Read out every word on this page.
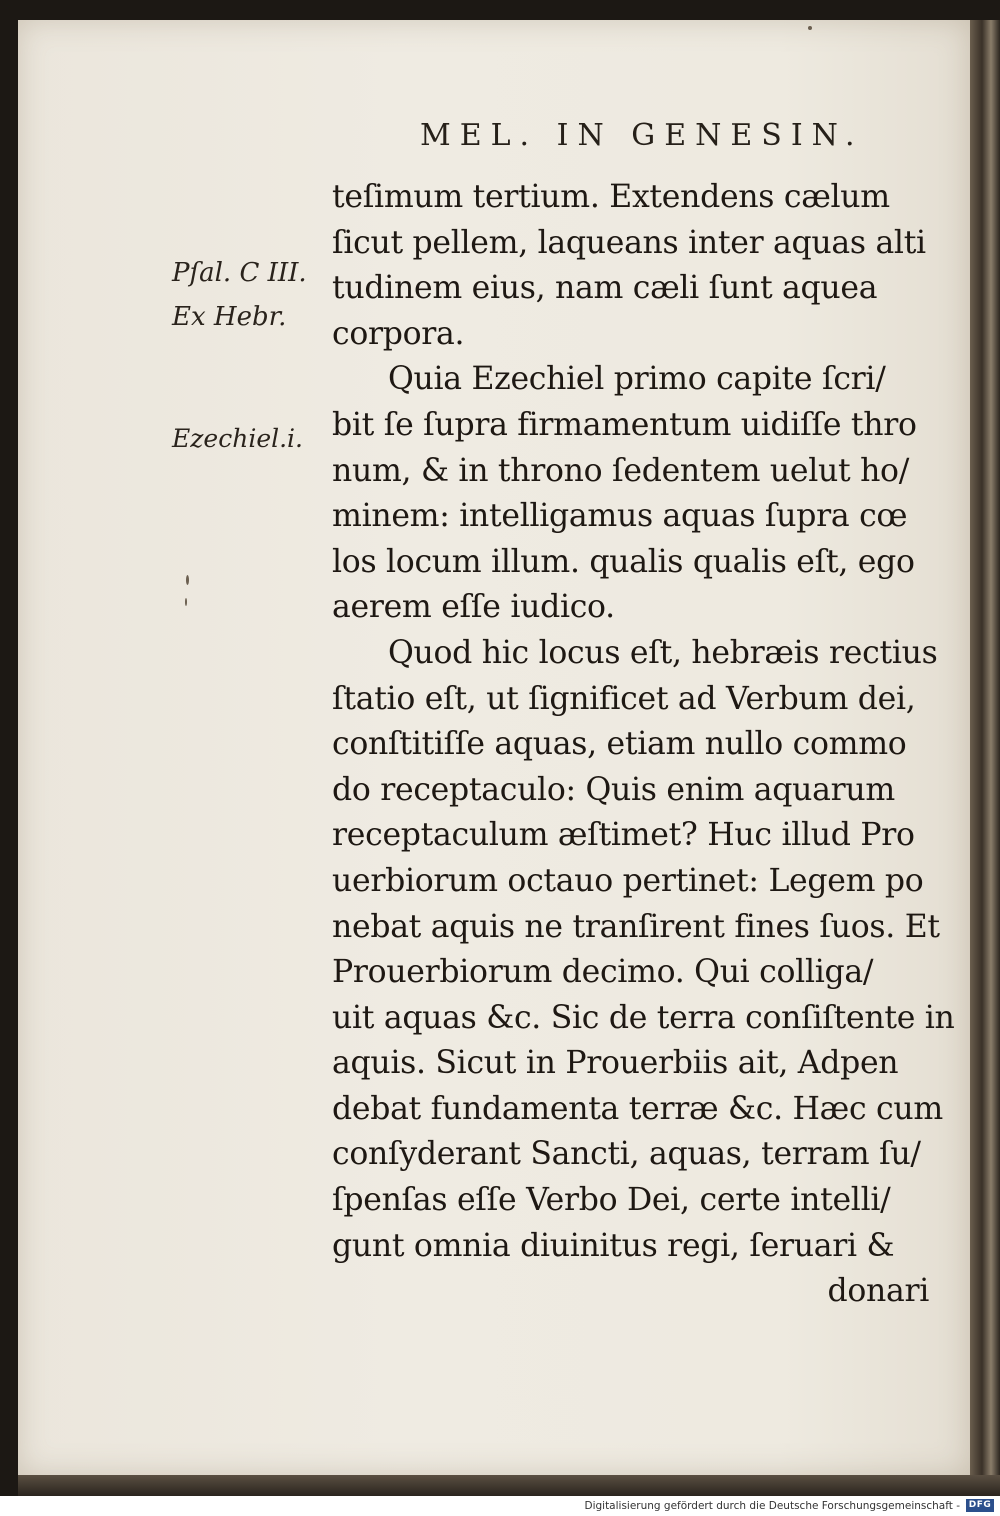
MEL. IN GENESIN.
Pſal. C III.
Ex Hebr.
Ezechiel.i.
teſimum tertium. Extendens cælum
ſicut pellem, laqueans inter aquas alti
tudinem eius, nam cæli ſunt aquea
corpora.
Quia Ezechiel primo capite ſcri/
bit ſe ſupra firmamentum uidiſſe thro
num, & in throno ſedentem uelut ho/
minem: intelligamus aquas ſupra cœ
los locum illum. qualis qualis eſt, ego
aerem eſſe iudico.
Quod hic locus eſt, hebræis rectius
ſtatio eſt, ut ſignificet ad Verbum dei,
conſtitiſſe aquas, etiam nullo commo
do receptaculo: Quis enim aquarum
receptaculum æſtimet? Huc illud Pro
uerbiorum octauo pertinet: Legem po
nebat aquis ne tranſirent fines ſuos. Et
Prouerbiorum decimo. Qui colliga/
uit aquas &c. Sic de terra conſiſtente in
aquis. Sicut in Prouerbiis ait, Adpen
debat fundamenta terræ &c. Hæc cum
conſyderant Sancti, aquas, terram ſu/
ſpenſas eſſe Verbo Dei, certe intelli/
gunt omnia diuinitus regi, ſeruari &
donari
Digitalisierung gefördert durch die Deutsche Forschungsgemeinschaft - DFG
